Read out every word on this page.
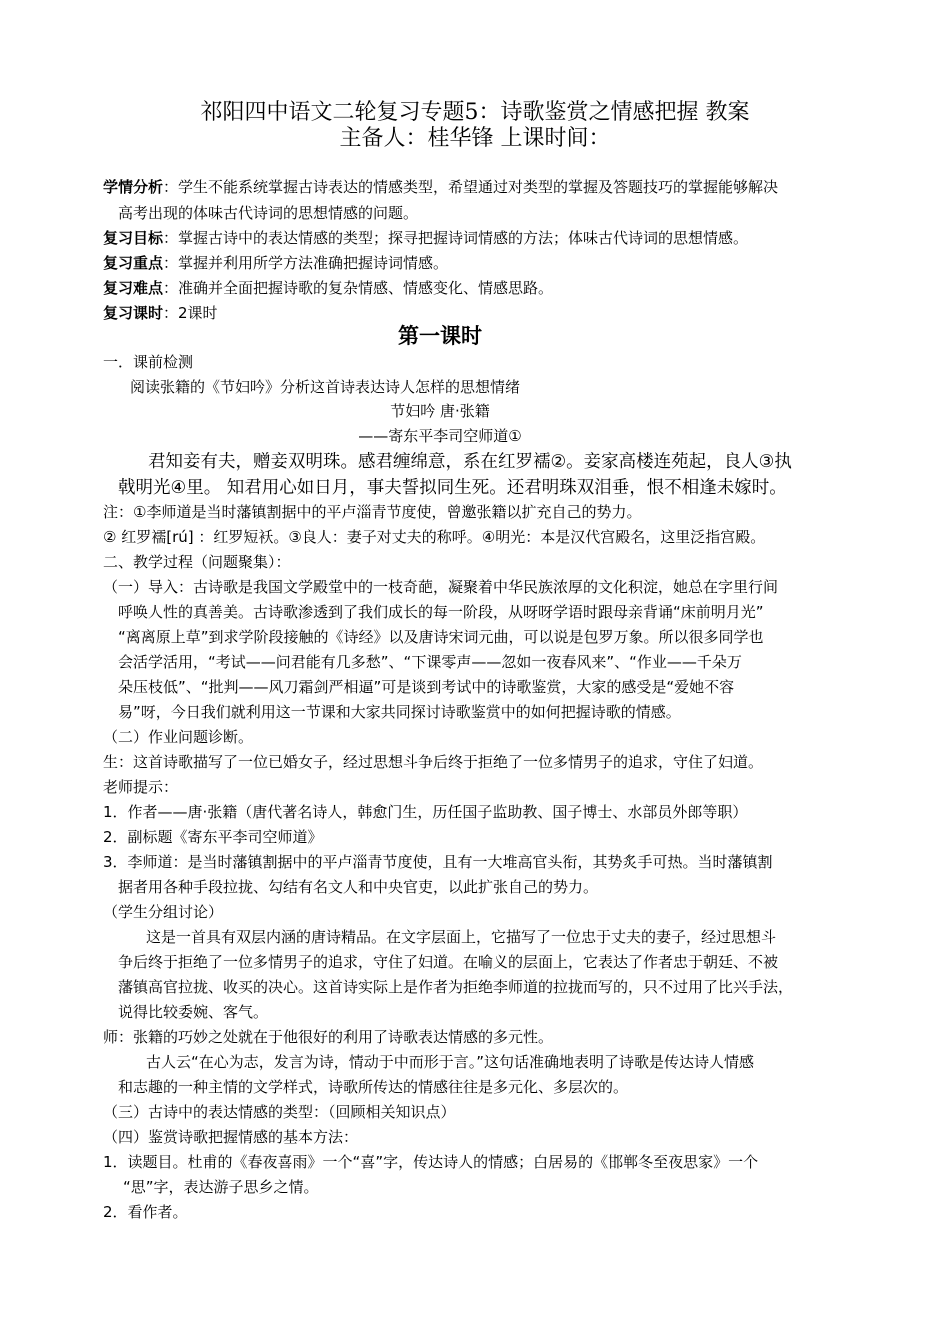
祁阳四中语文二轮复习专题5：诗歌鉴赏之情感把握 教案
主备人：桂华锋 上课时间：
学情分析：学生不能系统掌握古诗表达的情感类型，希望通过对类型的掌握及答题技巧的掌握能够解决
高考出现的体味古代诗词的思想情感的问题。
复习目标：掌握古诗中的表达情感的类型；探寻把握诗词情感的方法；体味古代诗词的思想情感。
复习重点：掌握并利用所学方法准确把握诗词情感。
复习难点：准确并全面把握诗歌的复杂情感、情感变化、情感思路。
复习课时：2课时
第一课时
一．课前检测
阅读张籍的《节妇吟》分析这首诗表达诗人怎样的思想情绪
节妇吟 唐·张籍
——寄东平李司空师道①
君知妾有夫，赠妾双明珠。感君缠绵意，系在红罗襦②。妾家高楼连苑起，良人③执
戟明光④里。 知君用心如日月，事夫誓拟同生死。还君明珠双泪垂，恨不相逢未嫁时。
注：①李师道是当时藩镇割据中的平卢淄青节度使，曾邀张籍以扩充自己的势力。
② 红罗襦[rú] ：红罗短袄。③良人：妻子对丈夫的称呼。④明光：本是汉代宫殿名，这里泛指宫殿。
二、教学过程（问题聚集）：
（一）导入：古诗歌是我国文学殿堂中的一枝奇葩，凝聚着中华民族浓厚的文化积淀，她总在字里行间
呼唤人性的真善美。古诗歌渗透到了我们成长的每一阶段，从呀呀学语时跟母亲背诵“床前明月光”
“离离原上草”到求学阶段接触的《诗经》以及唐诗宋词元曲，可以说是包罗万象。所以很多同学也
会活学活用，“考试——问君能有几多愁”、“下课零声——忽如一夜春风来”、“作业——千朵万
朵压枝低”、“批判——风刀霜剑严相逼”可是谈到考试中的诗歌鉴赏，大家的感受是“爱她不容
易”呀，今日我们就利用这一节课和大家共同探讨诗歌鉴赏中的如何把握诗歌的情感。
（二）作业问题诊断。
生：这首诗歌描写了一位已婚女子，经过思想斗争后终于拒绝了一位多情男子的追求，守住了妇道。
老师提示：
1．作者——唐·张籍（唐代著名诗人，韩愈门生，历任国子监助教、国子博士、水部员外郎等职）
2．副标题《寄东平李司空师道》
3．李师道：是当时藩镇割据中的平卢淄青节度使，且有一大堆高官头衔，其势炙手可热。当时藩镇割
据者用各种手段拉拢、勾结有名文人和中央官吏，以此扩张自己的势力。
（学生分组讨论）
这是一首具有双层内涵的唐诗精品。在文字层面上，它描写了一位忠于丈夫的妻子，经过思想斗
争后终于拒绝了一位多情男子的追求，守住了妇道。在喻义的层面上，它表达了作者忠于朝廷、不被
藩镇高官拉拢、收买的决心。这首诗实际上是作者为拒绝李师道的拉拢而写的，只不过用了比兴手法，
说得比较委婉、客气。
师：张籍的巧妙之处就在于他很好的利用了诗歌表达情感的多元性。
古人云“在心为志，发言为诗，情动于中而形于言。”这句话准确地表明了诗歌是传达诗人情感
和志趣的一种主情的文学样式，诗歌所传达的情感往往是多元化、多层次的。
（三）古诗中的表达情感的类型：（回顾相关知识点）
（四）鉴赏诗歌把握情感的基本方法：
1．读题目。杜甫的《春夜喜雨》一个“喜”字，传达诗人的情感；白居易的《邯郸冬至夜思家》一个
“思”字，表达游子思乡之情。
2．看作者。
